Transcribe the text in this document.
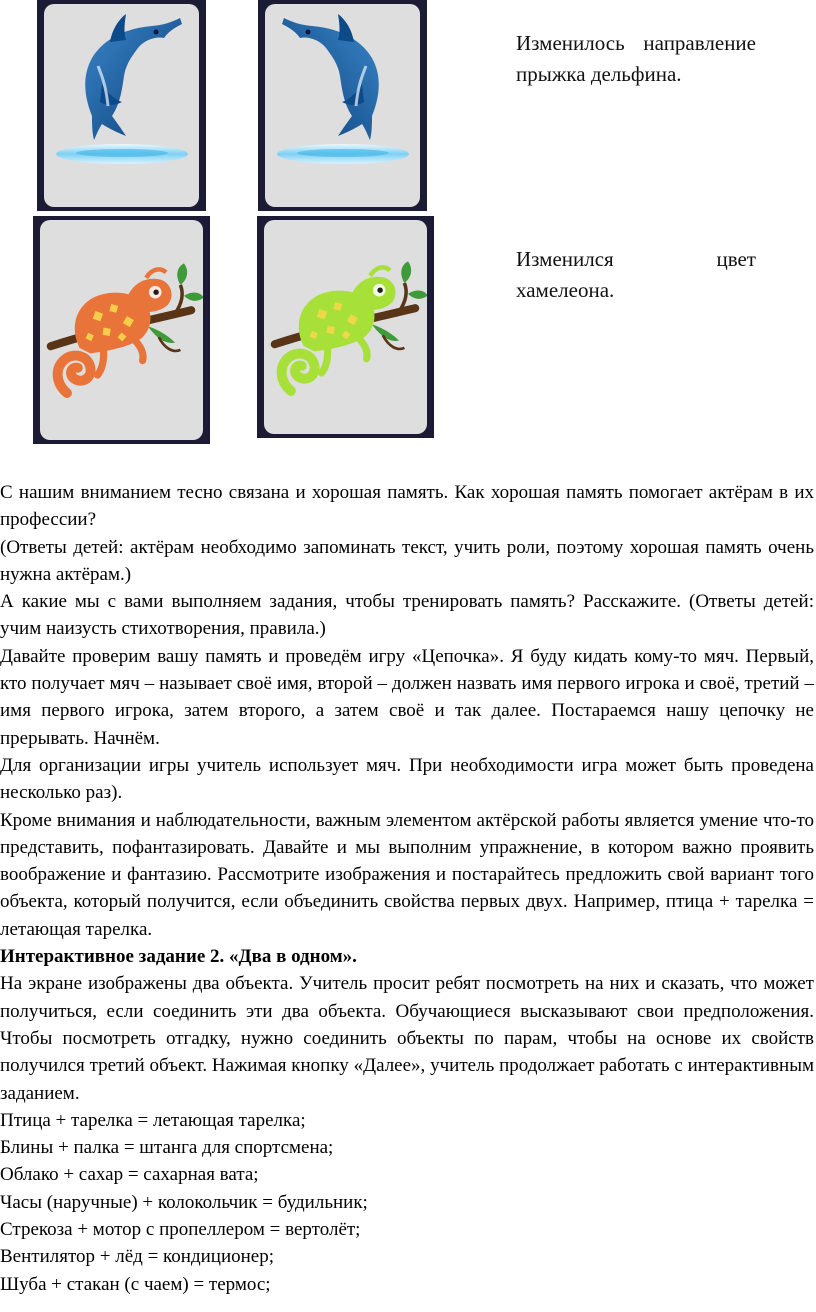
Изменилось направление прыжка дельфина.
Изменился цвет хамелеона.

С нашим вниманием тесно связана и хорошая память. Как хорошая память помогает актёрам в их профессии?

(Ответы детей: актёрам необходимо запоминать текст, учить роли, поэтому хорошая память очень нужна актёрам.)

А какие мы с вами выполняем задания, чтобы тренировать память? Расскажите. (Ответы детей: учим наизусть стихотворения, правила.)

Давайте проверим вашу память и проведём игру «Цепочка». Я буду кидать кому-то мяч. Первый, кто получает мяч – называет своё имя, второй – должен назвать имя первого игрока и своё, третий – имя первого игрока, затем второго, а затем своё и так далее. Постараемся нашу цепочку не прерывать. Начнём.

Для организации игры учитель использует мяч. При необходимости игра может быть проведена несколько раз).

Кроме внимания и наблюдательности, важным элементом актёрской работы является умение что-то представить, пофантазировать. Давайте и мы выполним упражнение, в котором важно проявить воображение и фантазию. Рассмотрите изображения и постарайтесь предложить свой вариант того объекта, который получится, если объединить свойства первых двух. Например, птица + тарелка = летающая тарелка.

Интерактивное задание 2. «Два в одном».

На экране изображены два объекта. Учитель просит ребят посмотреть на них и сказать, что может получиться, если соединить эти два объекта. Обучающиеся высказывают свои предположения. Чтобы посмотреть отгадку, нужно соединить объекты по парам, чтобы на основе их свойств получился третий объект. Нажимая кнопку «Далее», учитель продолжает работать с интерактивным заданием.

Птица + тарелка = летающая тарелка;

Блины + палка = штанга для спортсмена;

Облако + сахар = сахарная вата;

Часы (наручные) + колокольчик = будильник;

Стрекоза + мотор с пропеллером = вертолёт;

Вентилятор + лёд = кондиционер;

Шуба + стакан (с чаем) = термос;
